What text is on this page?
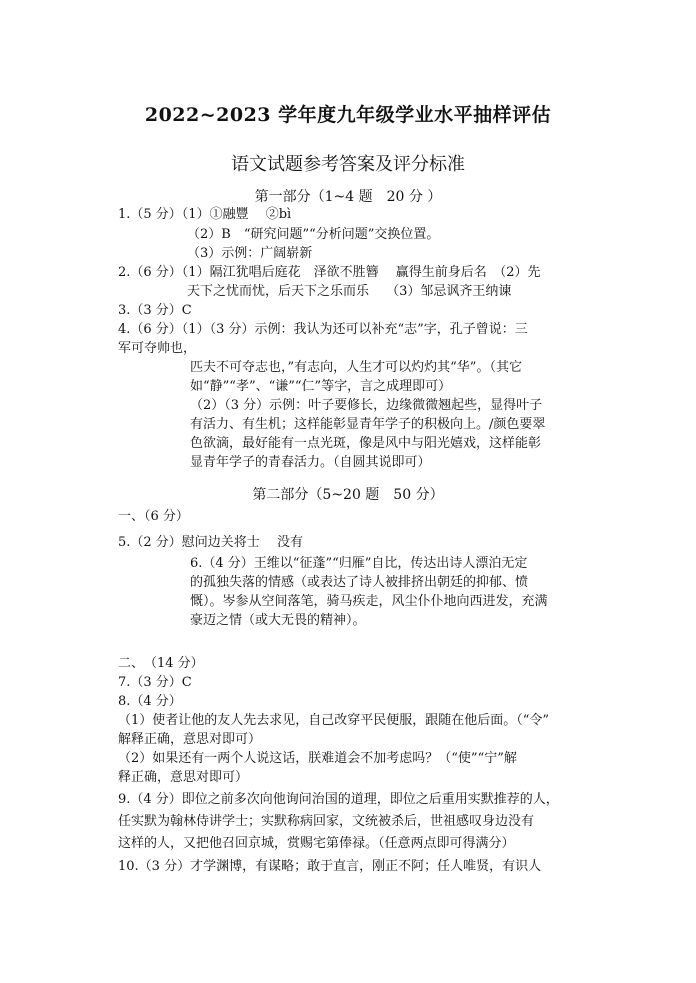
2022~2023 学年度九年级学业水平抽样评估
语文试题参考答案及评分标准
第一部分（1~4 题　20 分 ）
1.（5 分）（1）①融豐　 ②bì
（2）B　“研究问题”“分析问题”交换位置。
（3）示例：广阔崭新
2.（6 分）（1）隔江犹唱后庭花　泽欲不胜簪　 赢得生前身后名　（2）先
天下之忧而忧，后天下之乐而乐　 （3）邹忌讽齐王纳谏
3.（3 分）C
4.（6 分）（1）（3 分）示例：我认为还可以补充“志”字，孔子曾说：三
军可夺帅也，
匹夫不可夺志也，”有志向，人生才可以灼灼其“华”。（其它
如“静”“孝”、“谦”“仁”等字，言之成理即可）
（2）（3 分）示例：叶子要修长，边缘微微翘起些，显得叶子
有活力、有生机；这样能彰显青年学子的积极向上。/颜色要翠
色欲滴，最好能有一点光斑，像是风中与阳光嬉戏，这样能彰
显青年学子的青春活力。（自圆其说即可）
第二部分（5~20 题　50 分）
一、（6 分）
5.（2 分）慰问边关将士　 没有
6.（4 分）王维以“征蓬”“归雁”自比，传达出诗人漂泊无定
的孤独失落的情感（或表达了诗人被排挤出朝廷的抑郁、愤
慨）。岑参从空间落笔，骑马疾走，风尘仆仆地向西进发，充满
豪迈之情（或大无畏的精神）。
二、　（14 分）
7.（3 分）C
8.（4 分）
（1）使者让他的友人先去求见，自己改穿平民便服，跟随在他后面。（“令”
解释正确，意思对即可）
（2）如果还有一两个人说这话，朕难道会不加考虑吗？（“使”“宁”解
释正确，意思对即可）
9.（4 分）即位之前多次向他询问治国的道理，即位之后重用实默推荐的人，
任实默为翰林侍讲学士；实默称病回家，文统被杀后，世祖感叹身边没有
这样的人，又把他召回京城，赏赐宅第俸禄。（任意两点即可得满分）
10.（3 分）才学渊博，有谋略；敢于直言，刚正不阿；任人唯贤，有识人
